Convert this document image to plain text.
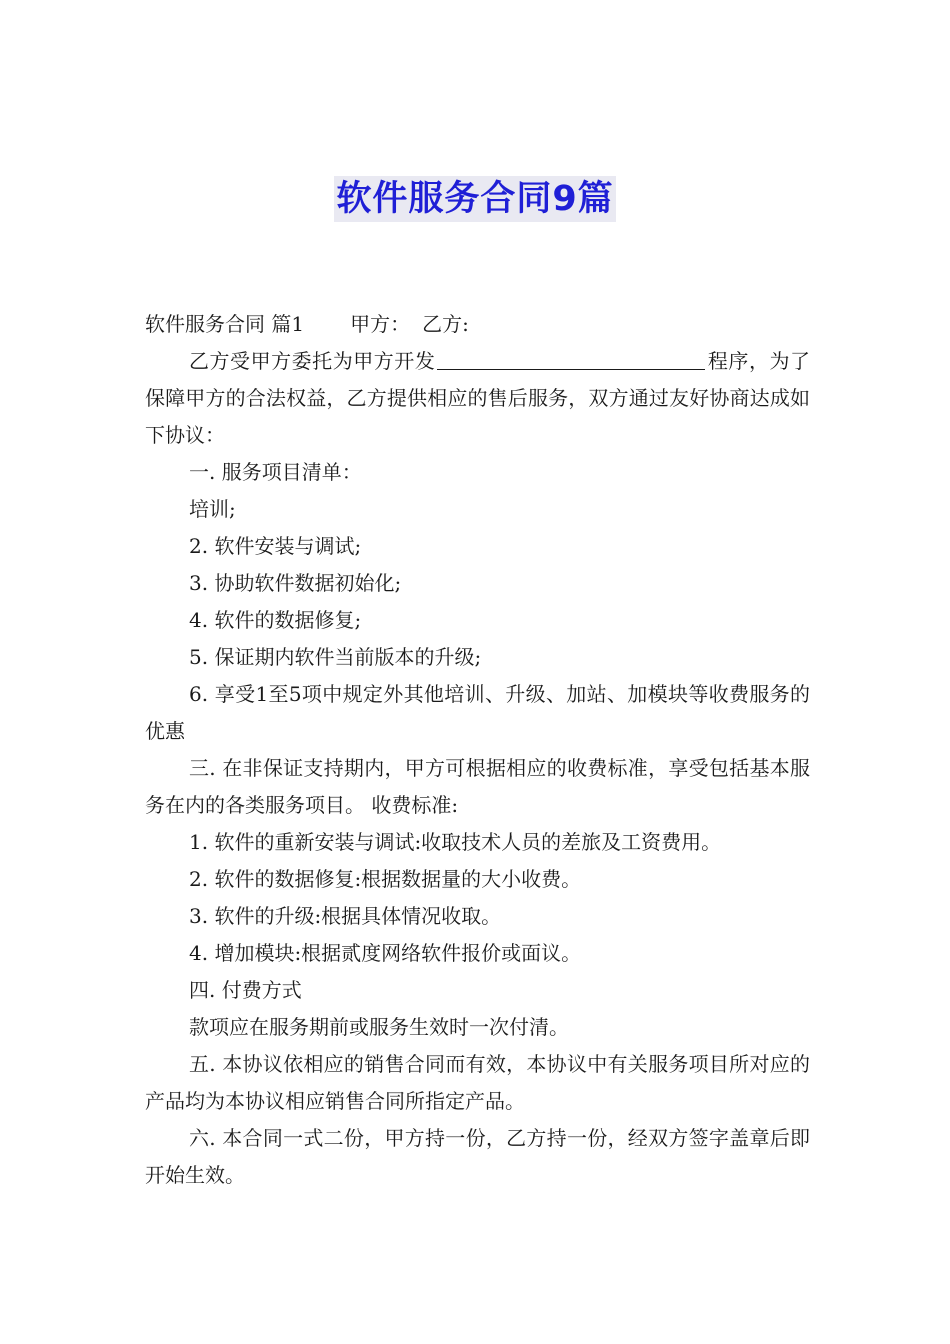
软件服务合同9篇

软件服务合同 篇1 甲方： 乙方:

乙方受甲方委托为甲方开发	程序，为了保障甲方的合法权益，乙方提供相应的售后服务，双方通过友好协商达成如下协议：

一. 服务项目清单：

培训;

2. 软件安装与调试;

3. 协助软件数据初始化;

4. 软件的数据修复;

5. 保证期内软件当前版本的升级;

6. 享受1至5项中规定外其他培训、升级、加站、加模块等收费服务的优惠

三. 在非保证支持期内，甲方可根据相应的收费标准，享受包括基本服务在内的各类服务项目。 收费标准:

1. 软件的重新安装与调试:收取技术人员的差旅及工资费用。

2. 软件的数据修复:根据数据量的大小收费。

3. 软件的升级:根据具体情况收取。

4. 增加模块:根据贰度网络软件报价或面议。

四. 付费方式

款项应在服务期前或服务生效时一次付清。

五. 本协议依相应的销售合同而有效，本协议中有关服务项目所对应的产品均为本协议相应销售合同所指定产品。

六. 本合同一式二份，甲方持一份，乙方持一份，经双方签字盖章后即开始生效。
